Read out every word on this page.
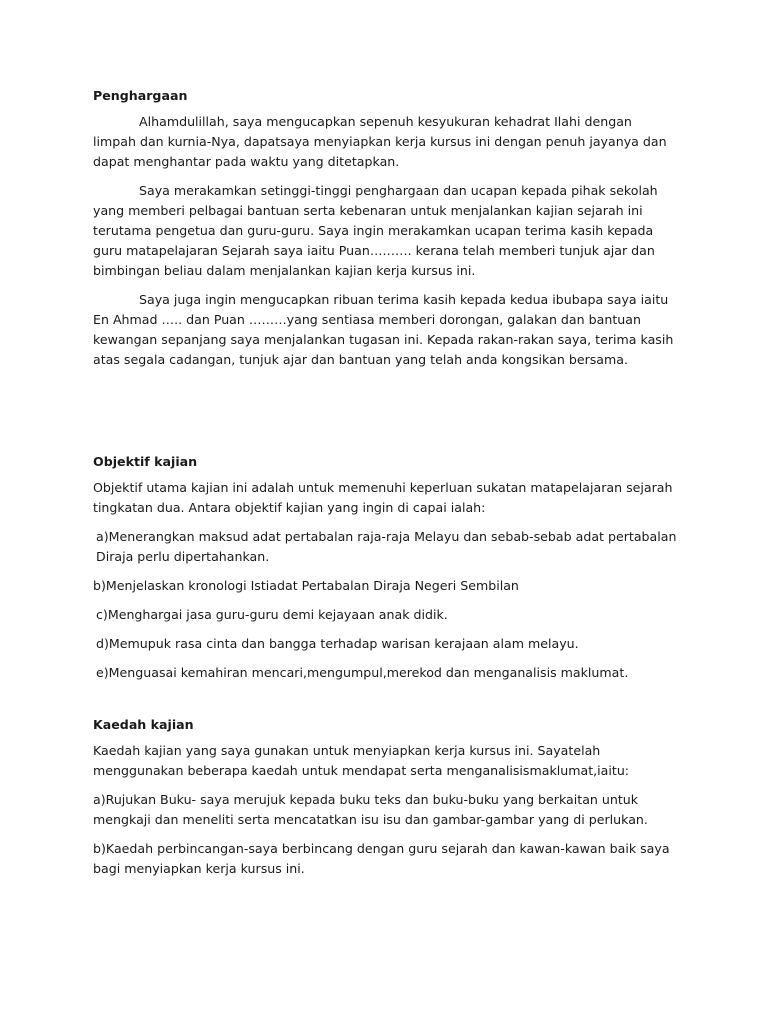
Penghargaan

Alhamdulillah, saya mengucapkan sepenuh kesyukuran kehadrat Ilahi dengan limpah dan kurnia-Nya, dapatsaya menyiapkan kerja kursus ini dengan penuh jayanya dan dapat menghantar pada waktu yang ditetapkan.

Saya merakamkan setinggi-tinggi penghargaan dan ucapan kepada pihak sekolah yang memberi pelbagai bantuan serta kebenaran untuk menjalankan kajian sejarah ini terutama pengetua dan guru-guru. Saya ingin merakamkan ucapan terima kasih kepada guru matapelajaran Sejarah saya iaitu Puan………. kerana telah memberi tunjuk ajar dan bimbingan beliau dalam menjalankan kajian kerja kursus ini.

Saya juga ingin mengucapkan ribuan terima kasih kepada kedua ibubapa saya iaitu En Ahmad ….. dan Puan ………yang sentiasa memberi dorongan, galakan dan bantuan kewangan sepanjang saya menjalankan tugasan ini. Kepada rakan-rakan saya, terima kasih atas segala cadangan, tunjuk ajar dan bantuan yang telah anda kongsikan bersama.

Objektif kajian

Objektif utama kajian ini adalah untuk memenuhi keperluan sukatan matapelajaran sejarah tingkatan dua. Antara objektif kajian yang ingin di capai ialah:

a)Menerangkan maksud adat pertabalan raja-raja Melayu dan sebab-sebab adat pertabalan Diraja perlu dipertahankan.
b)Menjelaskan kronologi Istiadat Pertabalan Diraja Negeri Sembilan
c)Menghargai jasa guru-guru demi kejayaan anak didik.
d)Memupuk rasa cinta dan bangga terhadap warisan kerajaan alam melayu.
e)Menguasai kemahiran mencari,mengumpul,merekod dan menganalisis maklumat.
Kaedah kajian

Kaedah kajian yang saya gunakan untuk menyiapkan kerja kursus ini. Sayatelah menggunakan beberapa kaedah untuk mendapat serta menganalisismaklumat,iaitu:

a)Rujukan Buku- saya merujuk kepada buku teks dan buku-buku yang berkaitan untuk mengkaji dan meneliti serta mencatatkan isu isu dan gambar-gambar yang di perlukan.
b)Kaedah perbincangan-saya berbincang dengan guru sejarah dan kawan-kawan baik saya bagi menyiapkan kerja kursus ini.
